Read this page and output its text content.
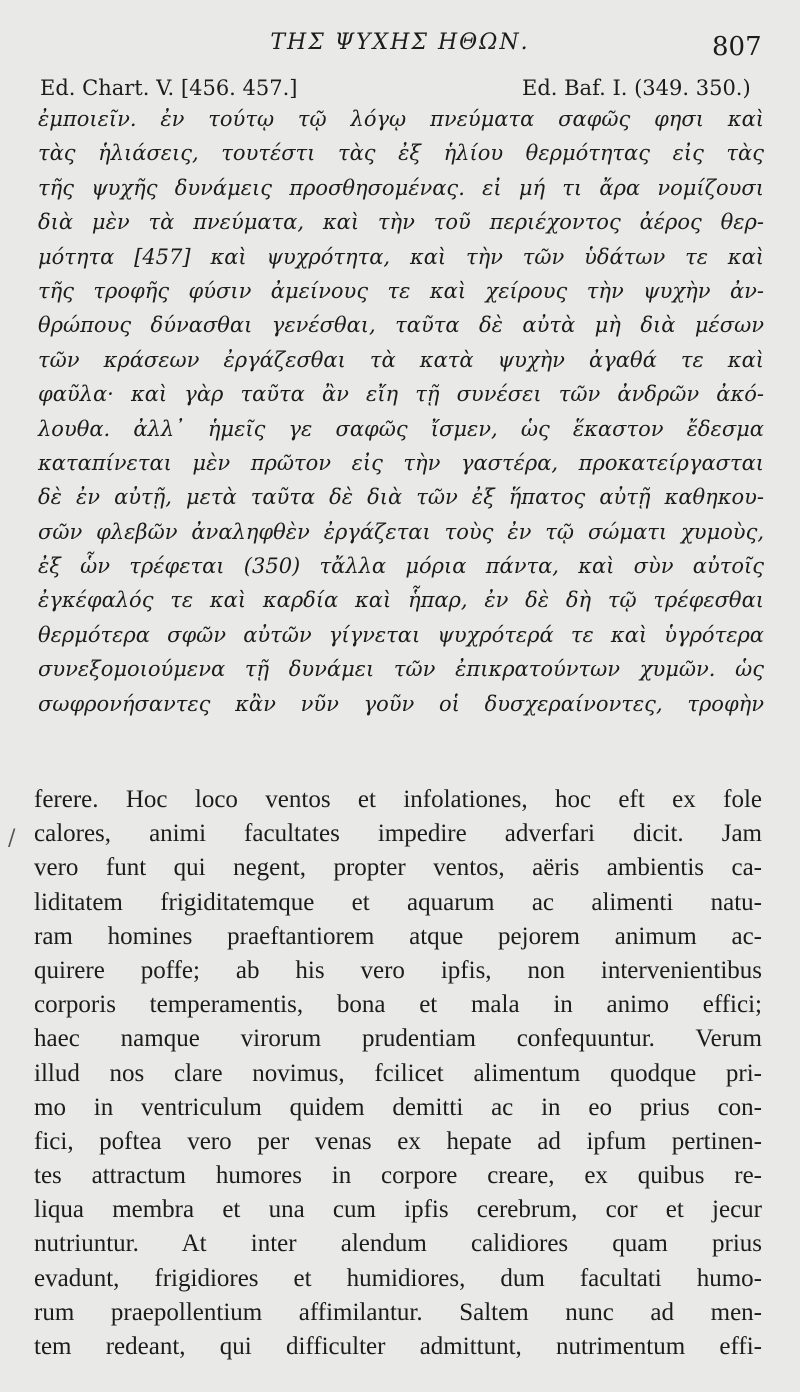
ΤΗΣ ΨΥΧΗΣ ΗΘΩΝ.	807
Ed. Chart. V. [456. 457.]	Ed. Baf. I. (349. 350.)
ἐμποιεῖν. ἐν τούτῳ τῷ λόγῳ πνεύματα σαφῶς φησι καὶ
τὰς ἡλιάσεις, τουτέστι τὰς ἐξ ἡλίου θερμότητας εἰς τὰς
τῆς ψυχῆς δυνάμεις προσθησομένας. εἰ μή τι ἄρα νομίζουσι
διὰ μὲν τὰ πνεύματα, καὶ τὴν τοῦ περιέχοντος ἀέρος θερ-
μότητα [457] καὶ ψυχρότητα, καὶ τὴν τῶν ὑδάτων τε καὶ
τῆς τροφῆς φύσιν ἀμείνους τε καὶ χείρους τὴν ψυχὴν ἀν-
θρώπους δύνασθαι γενέσθαι, ταῦτα δὲ αὐτὰ μὴ διὰ μέσων
τῶν κράσεων ἐργάζεσθαι τὰ κατὰ ψυχὴν ἀγαθά τε καὶ
φαῦλα· καὶ γὰρ ταῦτα ἂν εἴη τῇ συνέσει τῶν ἀνδρῶν ἀκό-
λουθα. ἀλλ᾽ ἡμεῖς γε σαφῶς ἴσμεν, ὡς ἕκαστον ἔδεσμα
καταπίνεται μὲν πρῶτον εἰς τὴν γαστέρα, προκατείργασται
δὲ ἐν αὐτῇ, μετὰ ταῦτα δὲ διὰ τῶν ἐξ ἥπατος αὐτῇ καθηκου-
σῶν φλεβῶν ἀναληφθὲν ἐργάζεται τοὺς ἐν τῷ σώματι χυμοὺς,
ἐξ ὧν τρέφεται (350) τἄλλα μόρια πάντα, καὶ σὺν αὐτοῖς
ἐγκέφαλός τε καὶ καρδία καὶ ἧπαρ, ἐν δὲ δὴ τῷ τρέφεσθαι
θερμότερα σφῶν αὐτῶν γίγνεται ψυχρότερά τε καὶ ὑγρότερα
συνεξομοιούμενα τῇ δυνάμει τῶν ἐπικρατούντων χυμῶν. ὡς
σωφρονήσαντες κἂν νῦν γοῦν οἱ δυσχεραίνοντες, τροφὴν
/
ferere. Hoc loco ventos et infolationes, hoc eft ex fole
calores, animi facultates impedire adverfari dicit. Jam
vero funt qui negent, propter ventos, aëris ambientis ca-
liditatem frigiditatemque et aquarum ac alimenti natu-
ram homines praeftantiorem atque pejorem animum ac-
quirere poffe; ab his vero ipfis, non intervenientibus
corporis temperamentis, bona et mala in animo effici;
haec namque virorum prudentiam confequuntur. Verum
illud nos clare novimus, fcilicet alimentum quodque pri-
mo in ventriculum quidem demitti ac in eo prius con-
fici, poftea vero per venas ex hepate ad ipfum pertinen-
tes attractum humores in corpore creare, ex quibus re-
liqua membra et una cum ipfis cerebrum, cor et jecur
nutriuntur. At inter alendum calidiores quam prius
evadunt, frigidiores et humidiores, dum facultati humo-
rum praepollentium affimilantur. Saltem nunc ad men-
tem redeant, qui difficulter admittunt, nutrimentum effi-
